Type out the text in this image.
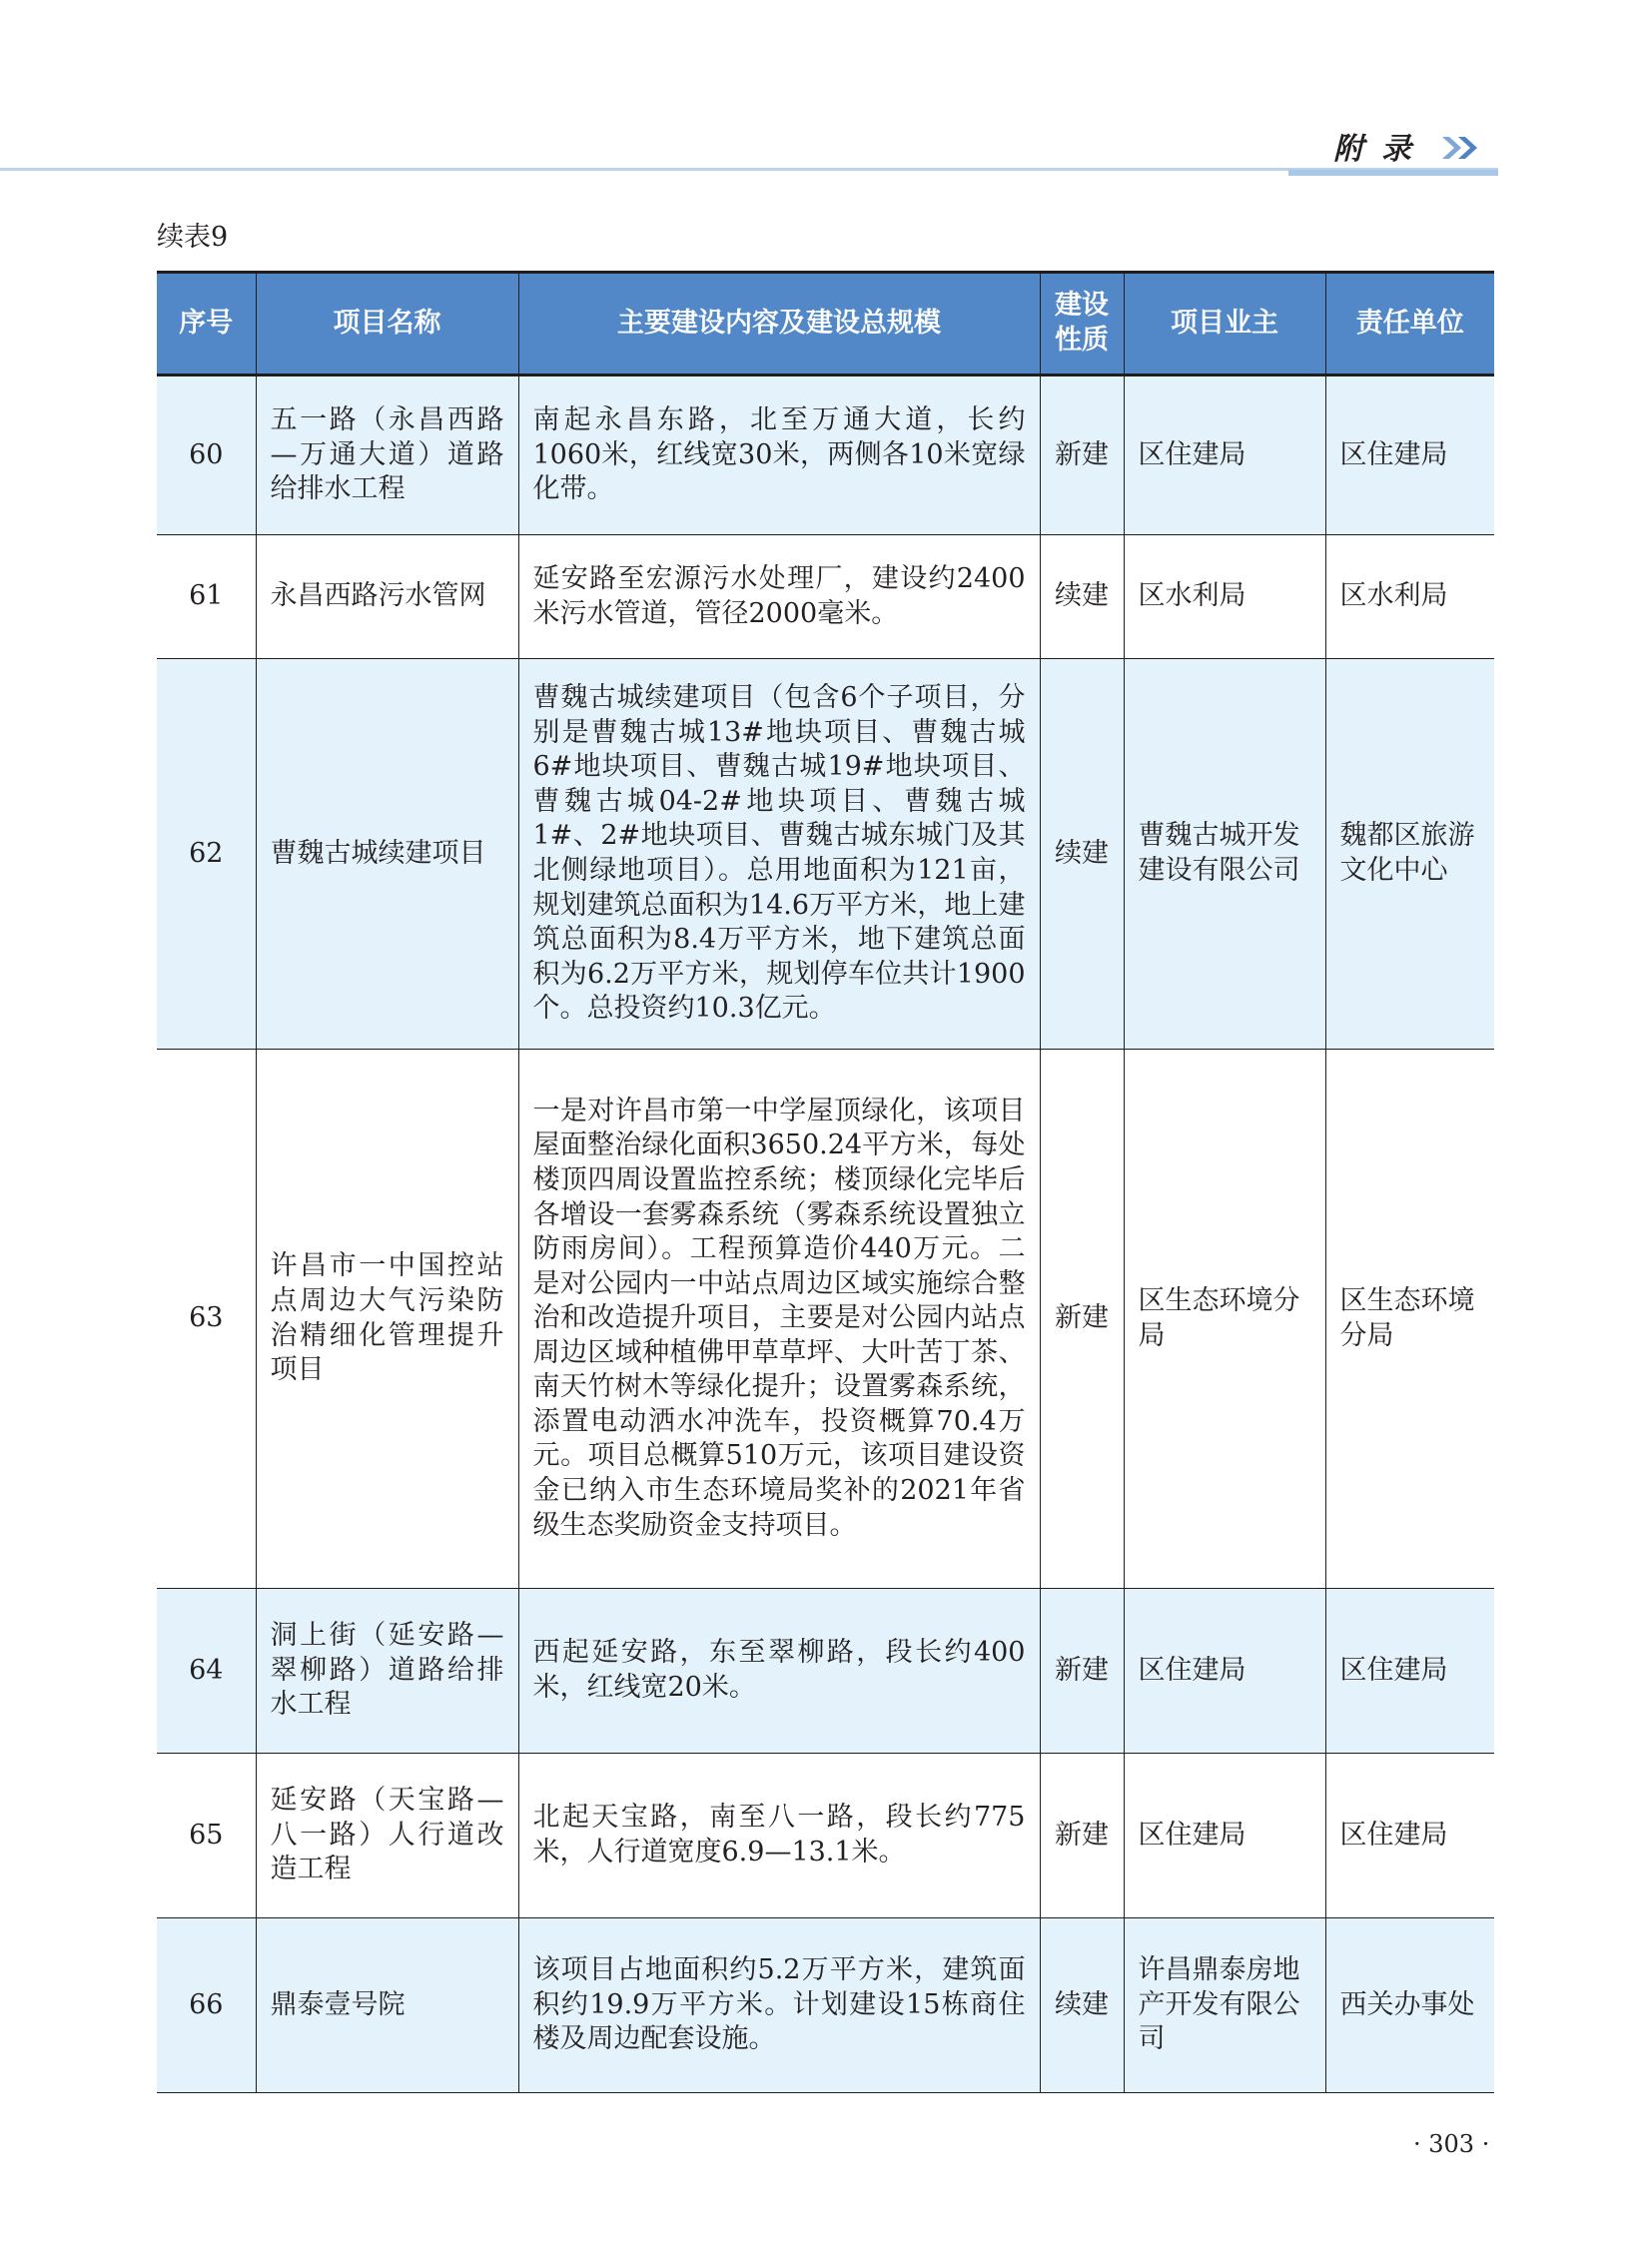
附录
续表9
序号	项目名称	主要建设内容及建设总规模	建设性质	项目业主	责任单位
60	五一路（永昌西路—万通大道）道路给排水工程	南起永昌东路，北至万通大道，长约1060米，红线宽30米，两侧各10米宽绿化带。	新建	区住建局	区住建局
61	永昌西路污水管网	延安路至宏源污水处理厂，建设约2400米污水管道，管径2000毫米。	续建	区水利局	区水利局
62	曹魏古城续建项目	曹魏古城续建项目（包含6个子项目，分别是曹魏古城13#地块项目、曹魏古城6#地块项目、曹魏古城19#地块项目、曹魏古城04-2#地块项目、曹魏古城1#、2#地块项目、曹魏古城东城门及其北侧绿地项目）。总用地面积为121亩，规划建筑总面积为14.6万平方米，地上建筑总面积为8.4万平方米，地下建筑总面积为6.2万平方米，规划停车位共计1900个。总投资约10.3亿元。	续建	曹魏古城开发建设有限公司	魏都区旅游文化中心
63	许昌市一中国控站点周边大气污染防治精细化管理提升项目	一是对许昌市第一中学屋顶绿化，该项目屋面整治绿化面积3650.24平方米，每处楼顶四周设置监控系统；楼顶绿化完毕后各增设一套雾森系统（雾森系统设置独立防雨房间）。工程预算造价440万元。二是对公园内一中站点周边区域实施综合整治和改造提升项目，主要是对公园内站点周边区域种植佛甲草草坪、大叶苦丁茶、南天竹树木等绿化提升；设置雾森系统，添置电动洒水冲洗车，投资概算70.4万元。项目总概算510万元，该项目建设资金已纳入市生态环境局奖补的2021年省级生态奖励资金支持项目。	新建	区生态环境分局	区生态环境分局
64	洞上街（延安路—翠柳路）道路给排水工程	西起延安路，东至翠柳路，段长约400米，红线宽20米。	新建	区住建局	区住建局
65	延安路（天宝路—八一路）人行道改造工程	北起天宝路，南至八一路，段长约775米，人行道宽度6.9—13.1米。	新建	区住建局	区住建局
66	鼎泰壹号院	该项目占地面积约5.2万平方米，建筑面积约19.9万平方米。计划建设15栋商住楼及周边配套设施。	续建	许昌鼎泰房地产开发有限公司	西关办事处
· 303 ·
